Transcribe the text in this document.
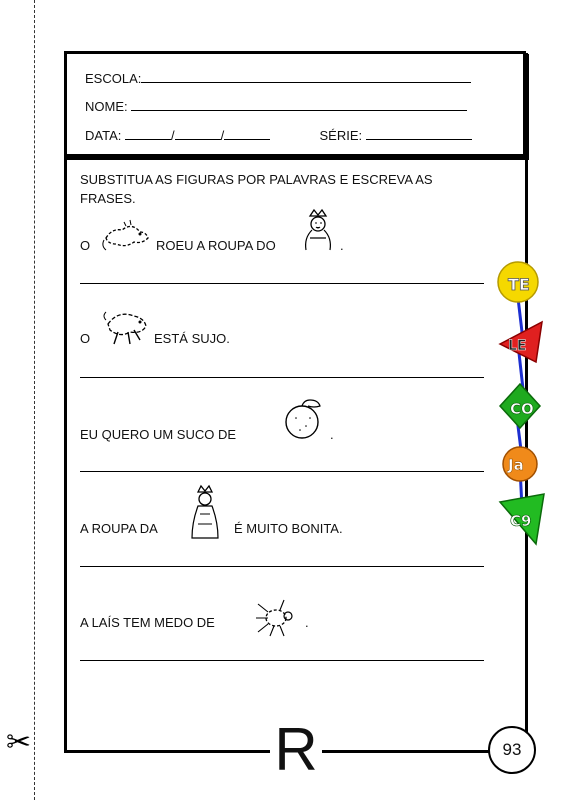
✂	R	93
ESCOLA:
NOME:
DATA:	/	/	SÉRIE:
SUBSTITUA AS FIGURAS POR PALAVRAS E ESCREVA AS FRASES.
O	ROEU A ROUPA DO	.
O	ESTÁ SUJO.
EU QUERO UM SUCO DE	.
A ROUPA DA	É MUITO BONITA.
A LAÍS TEM MEDO DE	.
TE
LE
CO
Ja
C9
